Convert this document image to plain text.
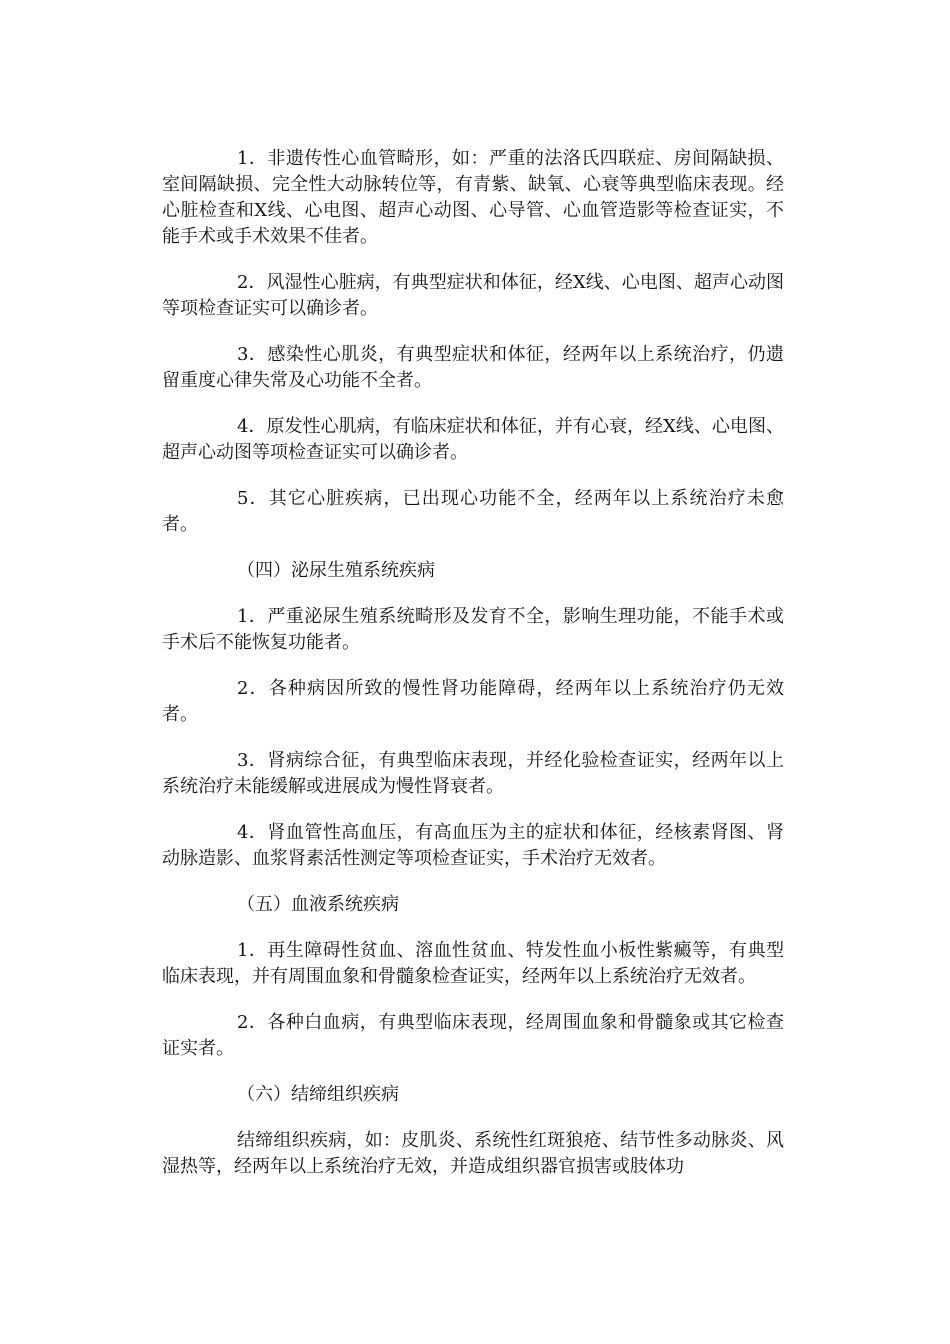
1．非遗传性心血管畸形，如：严重的法洛氏四联症、房间隔缺损、室间隔缺损、完全性大动脉转位等，有青紫、缺氧、心衰等典型临床表现。经心脏检查和X线、心电图、超声心动图、心导管、心血管造影等检查证实，不能手术或手术效果不佳者。

2．风湿性心脏病，有典型症状和体征，经X线、心电图、超声心动图等项检查证实可以确诊者。

3．感染性心肌炎，有典型症状和体征，经两年以上系统治疗，仍遗留重度心律失常及心功能不全者。

4．原发性心肌病，有临床症状和体征，并有心衰，经X线、心电图、超声心动图等项检查证实可以确诊者。

5．其它心脏疾病，已出现心功能不全，经两年以上系统治疗未愈者。

（四）泌尿生殖系统疾病

1．严重泌尿生殖系统畸形及发育不全，影响生理功能，不能手术或手术后不能恢复功能者。

2．各种病因所致的慢性肾功能障碍，经两年以上系统治疗仍无效者。

3．肾病综合征，有典型临床表现，并经化验检查证实，经两年以上系统治疗未能缓解或进展成为慢性肾衰者。

4．肾血管性高血压，有高血压为主的症状和体征，经核素肾图、肾动脉造影、血浆肾素活性测定等项检查证实，手术治疗无效者。

（五）血液系统疾病

1．再生障碍性贫血、溶血性贫血、特发性血小板性紫癜等，有典型临床表现，并有周围血象和骨髓象检查证实，经两年以上系统治疗无效者。

2．各种白血病，有典型临床表现，经周围血象和骨髓象或其它检查证实者。

（六）结缔组织疾病

结缔组织疾病，如：皮肌炎、系统性红斑狼疮、结节性多动脉炎、风湿热等，经两年以上系统治疗无效，并造成组织器官损害或肢体功
